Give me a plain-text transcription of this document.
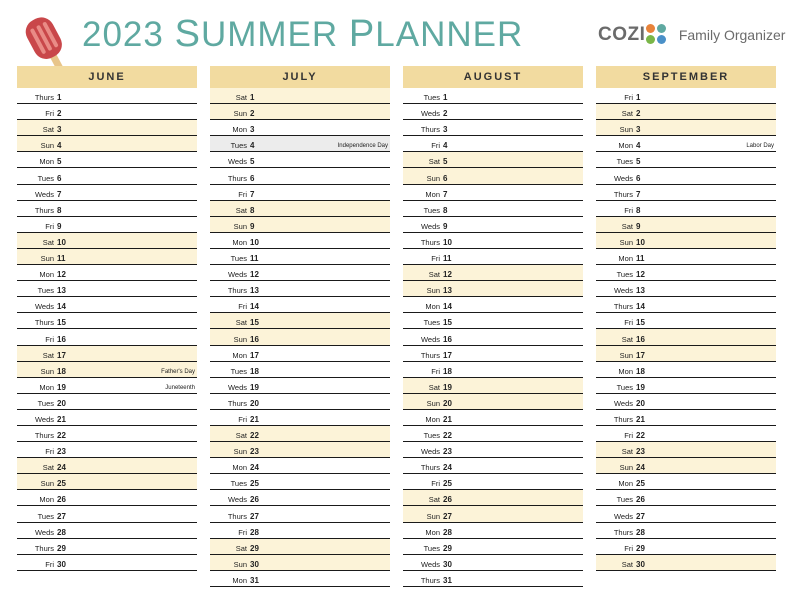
2023 SUMMER PLANNER	COZI Family Organizer
JUNE
Thurs 1
Fri 2
Sat 3
Sun 4
Mon 5
Tues 6
Weds 7
Thurs 8
Fri 9
Sat 10
Sun 11
Mon 12
Tues 13
Weds 14
Thurs 15
Fri 16
Sat 17
Sun 18	Father's Day
Mon 19	Juneteenth
Tues 20
Weds 21
Thurs 22
Fri 23
Sat 24
Sun 25
Mon 26
Tues 27
Weds 28
Thurs 29
Fri 30
JULY
Sat 1
Sun 2
Mon 3
Tues 4	Independence Day
Weds 5
Thurs 6
Fri 7
Sat 8
Sun 9
Mon 10
Tues 11
Weds 12
Thurs 13
Fri 14
Sat 15
Sun 16
Mon 17
Tues 18
Weds 19
Thurs 20
Fri 21
Sat 22
Sun 23
Mon 24
Tues 25
Weds 26
Thurs 27
Fri 28
Sat 29
Sun 30
Mon 31
AUGUST
Tues 1
Weds 2
Thurs 3
Fri 4
Sat 5
Sun 6
Mon 7
Tues 8
Weds 9
Thurs 10
Fri 11
Sat 12
Sun 13
Mon 14
Tues 15
Weds 16
Thurs 17
Fri 18
Sat 19
Sun 20
Mon 21
Tues 22
Weds 23
Thurs 24
Fri 25
Sat 26
Sun 27
Mon 28
Tues 29
Weds 30
Thurs 31
SEPTEMBER
Fri 1
Sat 2
Sun 3
Mon 4	Labor Day
Tues 5
Weds 6
Thurs 7
Fri 8
Sat 9
Sun 10
Mon 11
Tues 12
Weds 13
Thurs 14
Fri 15
Sat 16
Sun 17
Mon 18
Tues 19
Weds 20
Thurs 21
Fri 22
Sat 23
Sun 24
Mon 25
Tues 26
Weds 27
Thurs 28
Fri 29
Sat 30
